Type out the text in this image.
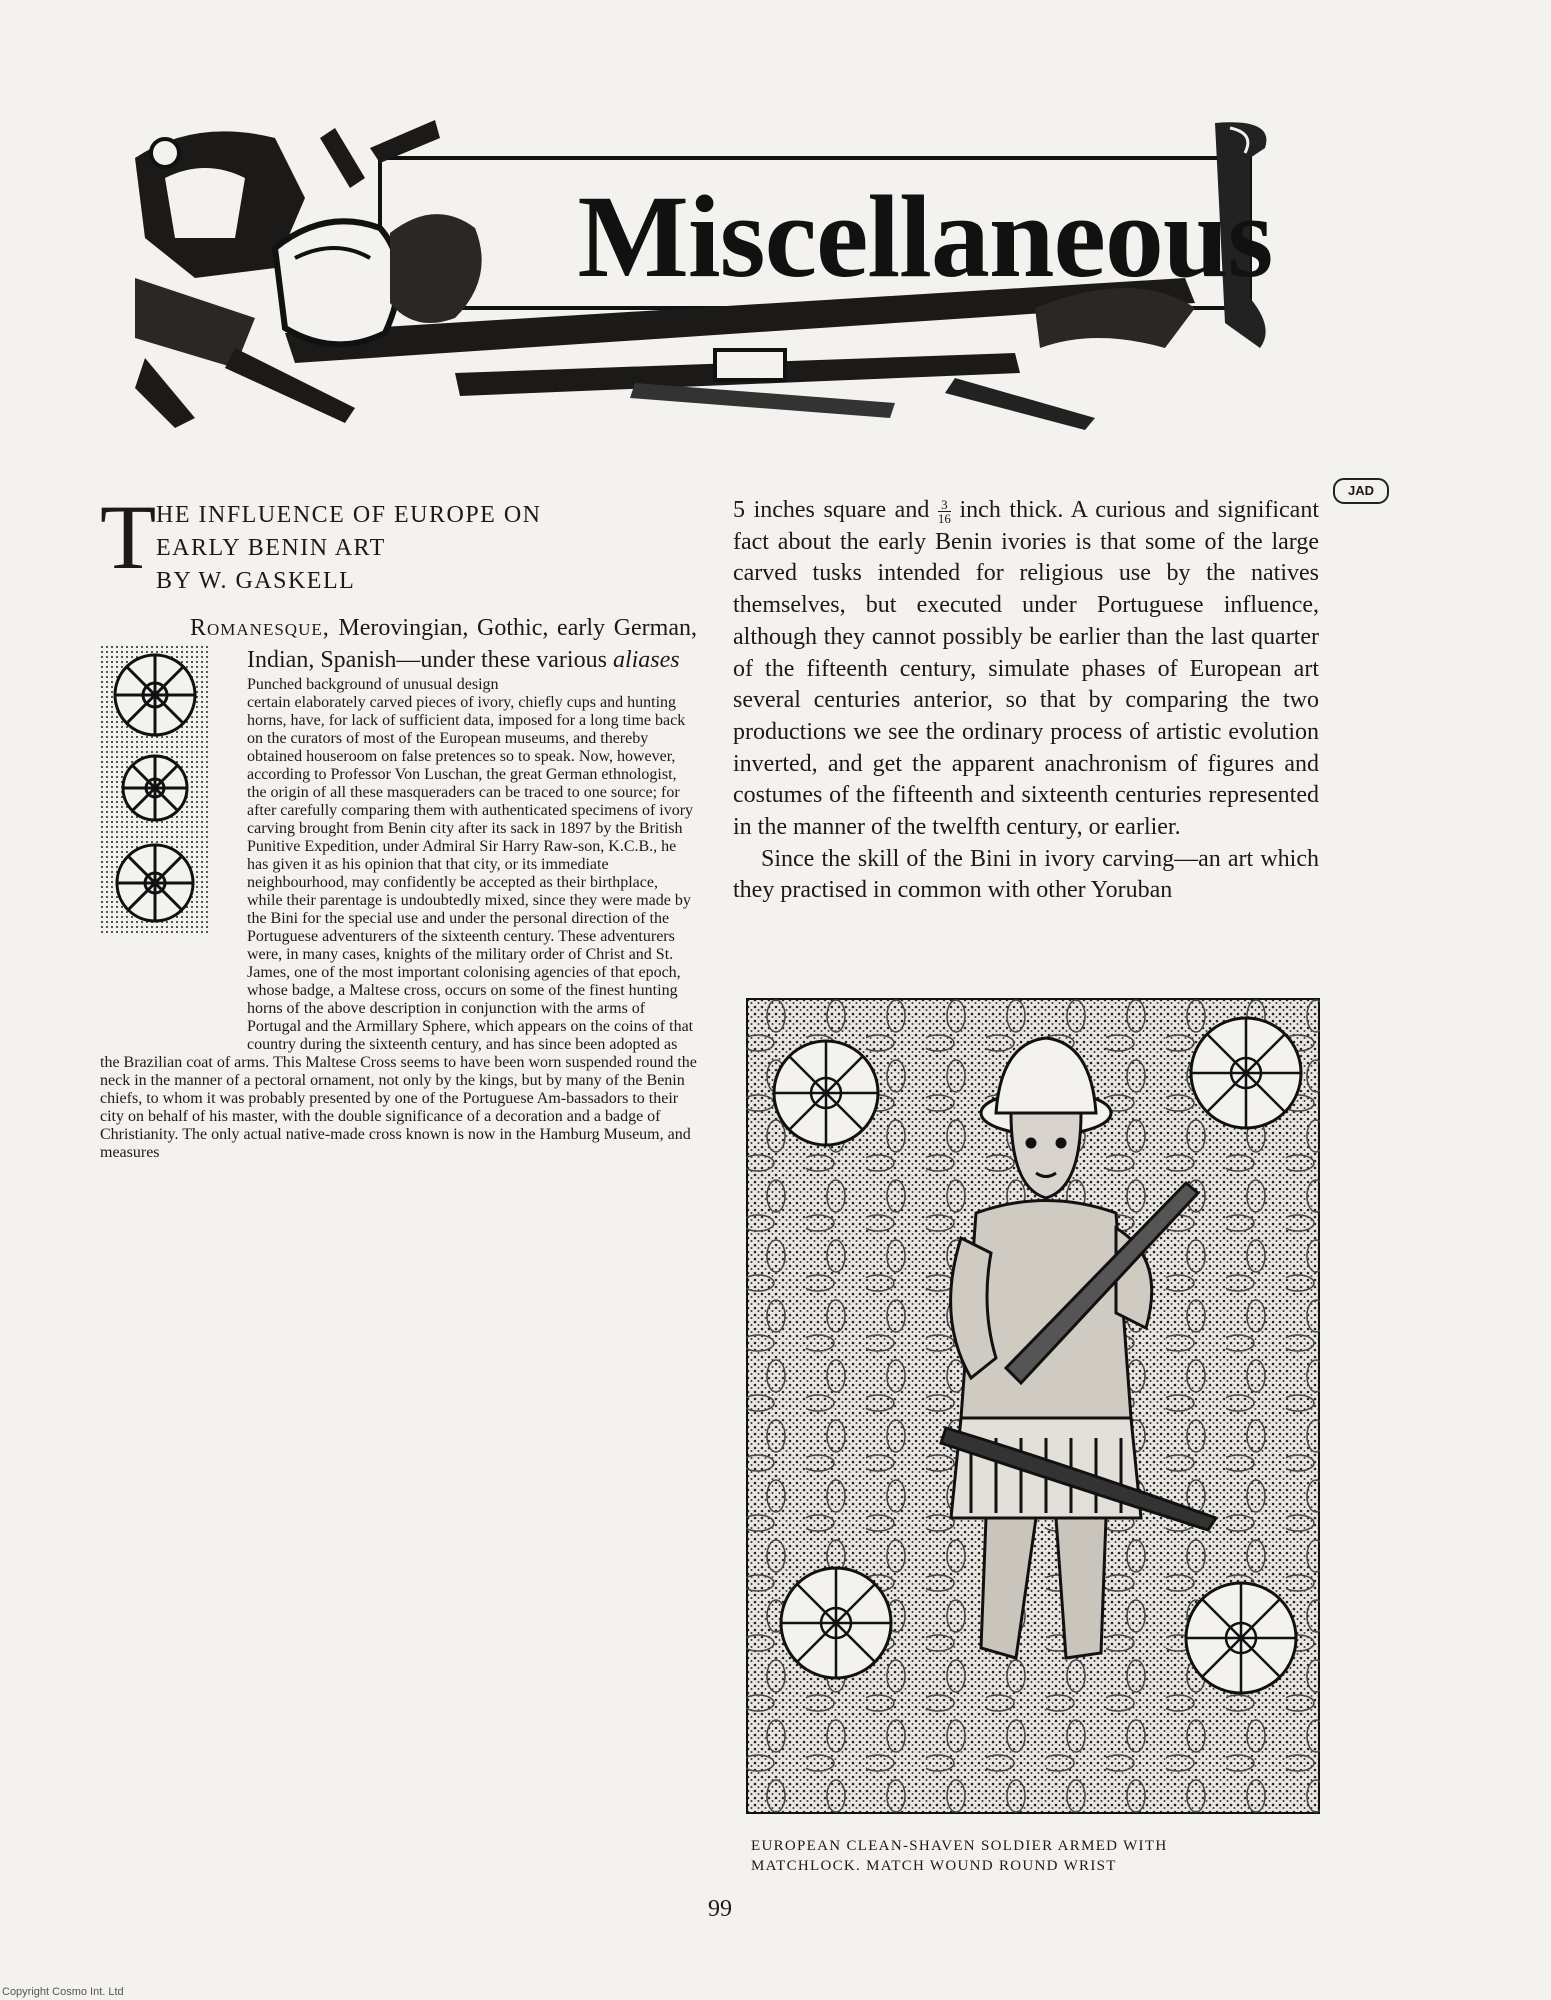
Miscellaneous
JAD
T HE INFLUENCE OF EUROPE ON
EARLY BENIN ART
BY W. GASKELL

Romanesque, Merovingian, Gothic, early German, Indian, Spanish—under these various aliases

Punched background of unusual design
certain elaborately carved pieces of ivory, chiefly cups and hunting horns, have, for lack of sufficient data, imposed for a long time back on the curators of most of the European museums, and thereby obtained houseroom on false pretences so to speak. Now, however, according to Professor Von Luschan, the great German ethnologist, the origin of all these masqueraders can be traced to one source; for after carefully comparing them with authenticated specimens of ivory carving brought from Benin city after its sack in 1897 by the British Punitive Expedition, under Admiral Sir Harry Raw-son, K.C.B., he has given it as his opinion that that city, or its immediate neighbourhood, may confidently be accepted as their birthplace, while their parentage is undoubtedly mixed, since they were made by the Bini for the special use and under the personal direction of the Portuguese adventurers of the sixteenth century. These adventurers were, in many cases, knights of the military order of Christ and St. James, one of the most important colonising agencies of that epoch, whose badge, a Maltese cross, occurs on some of the finest hunting horns of the above description in conjunction with the arms of Portugal and the Armillary Sphere, which appears on the coins of that country during the sixteenth century, and has since been adopted as the Brazilian coat of arms. This Maltese Cross seems to have been worn suspended round the neck in the manner of a pectoral ornament, not only by the kings, but by many of the Benin chiefs, to whom it was probably presented by one of the Portuguese Am-bassadors to their city on behalf of his master, with the double significance of a decoration and a badge of Christianity. The only actual native-made cross known is now in the Hamburg Museum, and measures

5 inches square and $\frac{3}{16}$ inch thick. A curious and significant fact about the early Benin ivories is that some of the large carved tusks intended for religious use by the natives themselves, but executed under Portuguese influence, although they cannot possibly be earlier than the last quarter of the fifteenth century, simulate phases of European art several centuries anterior, so that by comparing the two productions we see the ordinary process of artistic evolution inverted, and get the apparent anachronism of figures and costumes of the fifteenth and sixteenth centuries represented in the manner of the twelfth century, or earlier.

Since the skill of the Bini in ivory carving—an art which they practised in common with other Yoruban

EUROPEAN CLEAN-SHAVEN SOLDIER ARMED WITH
MATCHLOCK. MATCH WOUND ROUND WRIST
99
Copyright Cosmo Int. Ltd
